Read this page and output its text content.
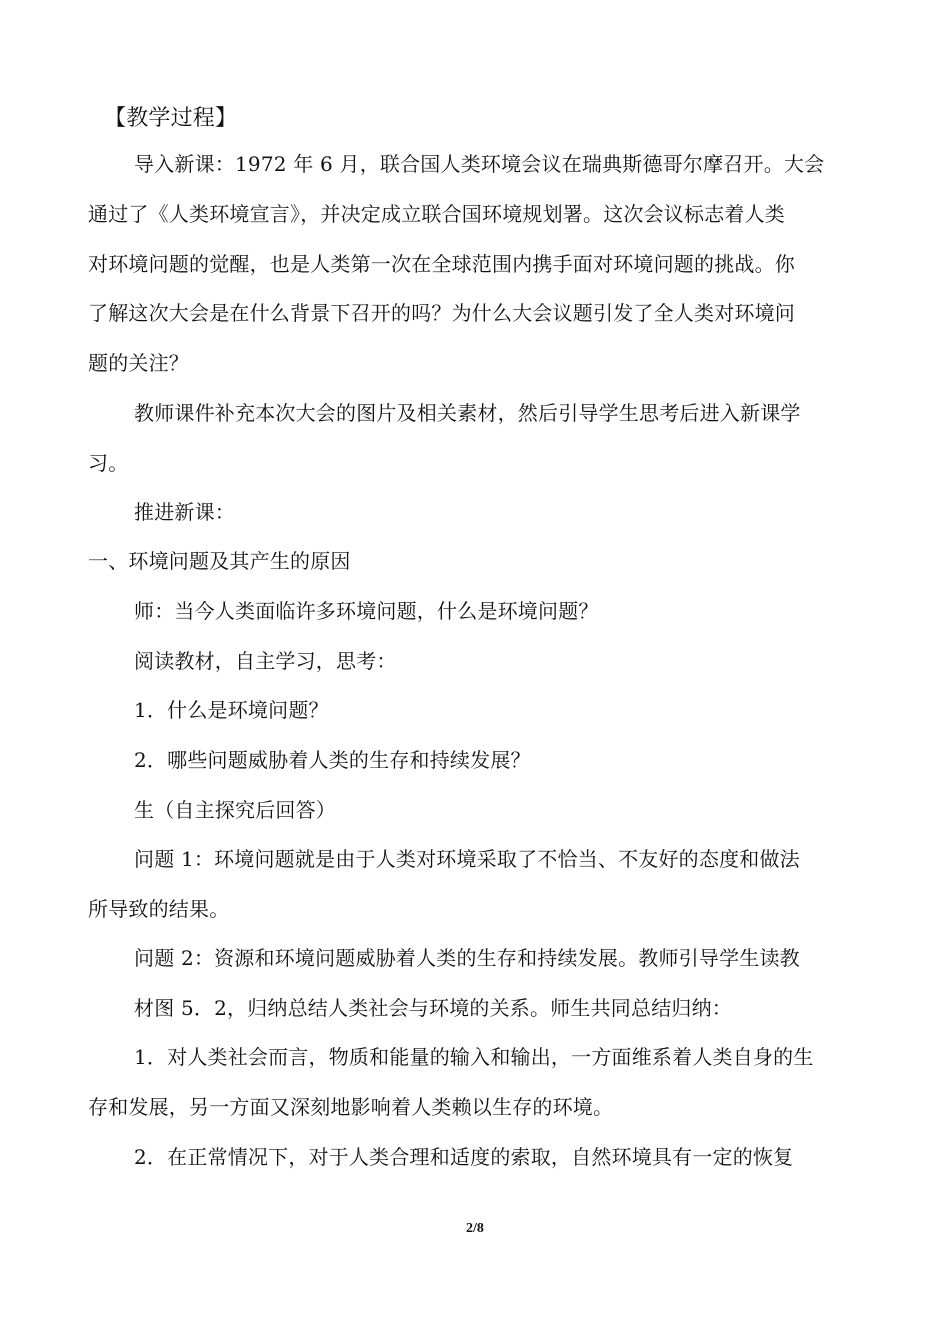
【教学过程】
导入新课：1972 年 6 月，联合国人类环境会议在瑞典斯德哥尔摩召开。大会
通过了《人类环境宣言》，并决定成立联合国环境规划署。这次会议标志着人类
对环境问题的觉醒，也是人类第一次在全球范围内携手面对环境问题的挑战。你
了解这次大会是在什么背景下召开的吗？为什么大会议题引发了全人类对环境问
题的关注？
教师课件补充本次大会的图片及相关素材，然后引导学生思考后进入新课学
习。
推进新课：
一、环境问题及其产生的原因
师：当今人类面临许多环境问题，什么是环境问题？
阅读教材，自主学习，思考：
1．什么是环境问题？
2．哪些问题威胁着人类的生存和持续发展？
生（自主探究后回答）
问题 1：环境问题就是由于人类对环境采取了不恰当、不友好的态度和做法
所导致的结果。
问题 2：资源和环境问题威胁着人类的生存和持续发展。教师引导学生读教
材图 5．2，归纳总结人类社会与环境的关系。师生共同总结归纳：
1．对人类社会而言，物质和能量的输入和输出，一方面维系着人类自身的生
存和发展，另一方面又深刻地影响着人类赖以生存的环境。
2．在正常情况下，对于人类合理和适度的索取，自然环境具有一定的恢复
2/8
